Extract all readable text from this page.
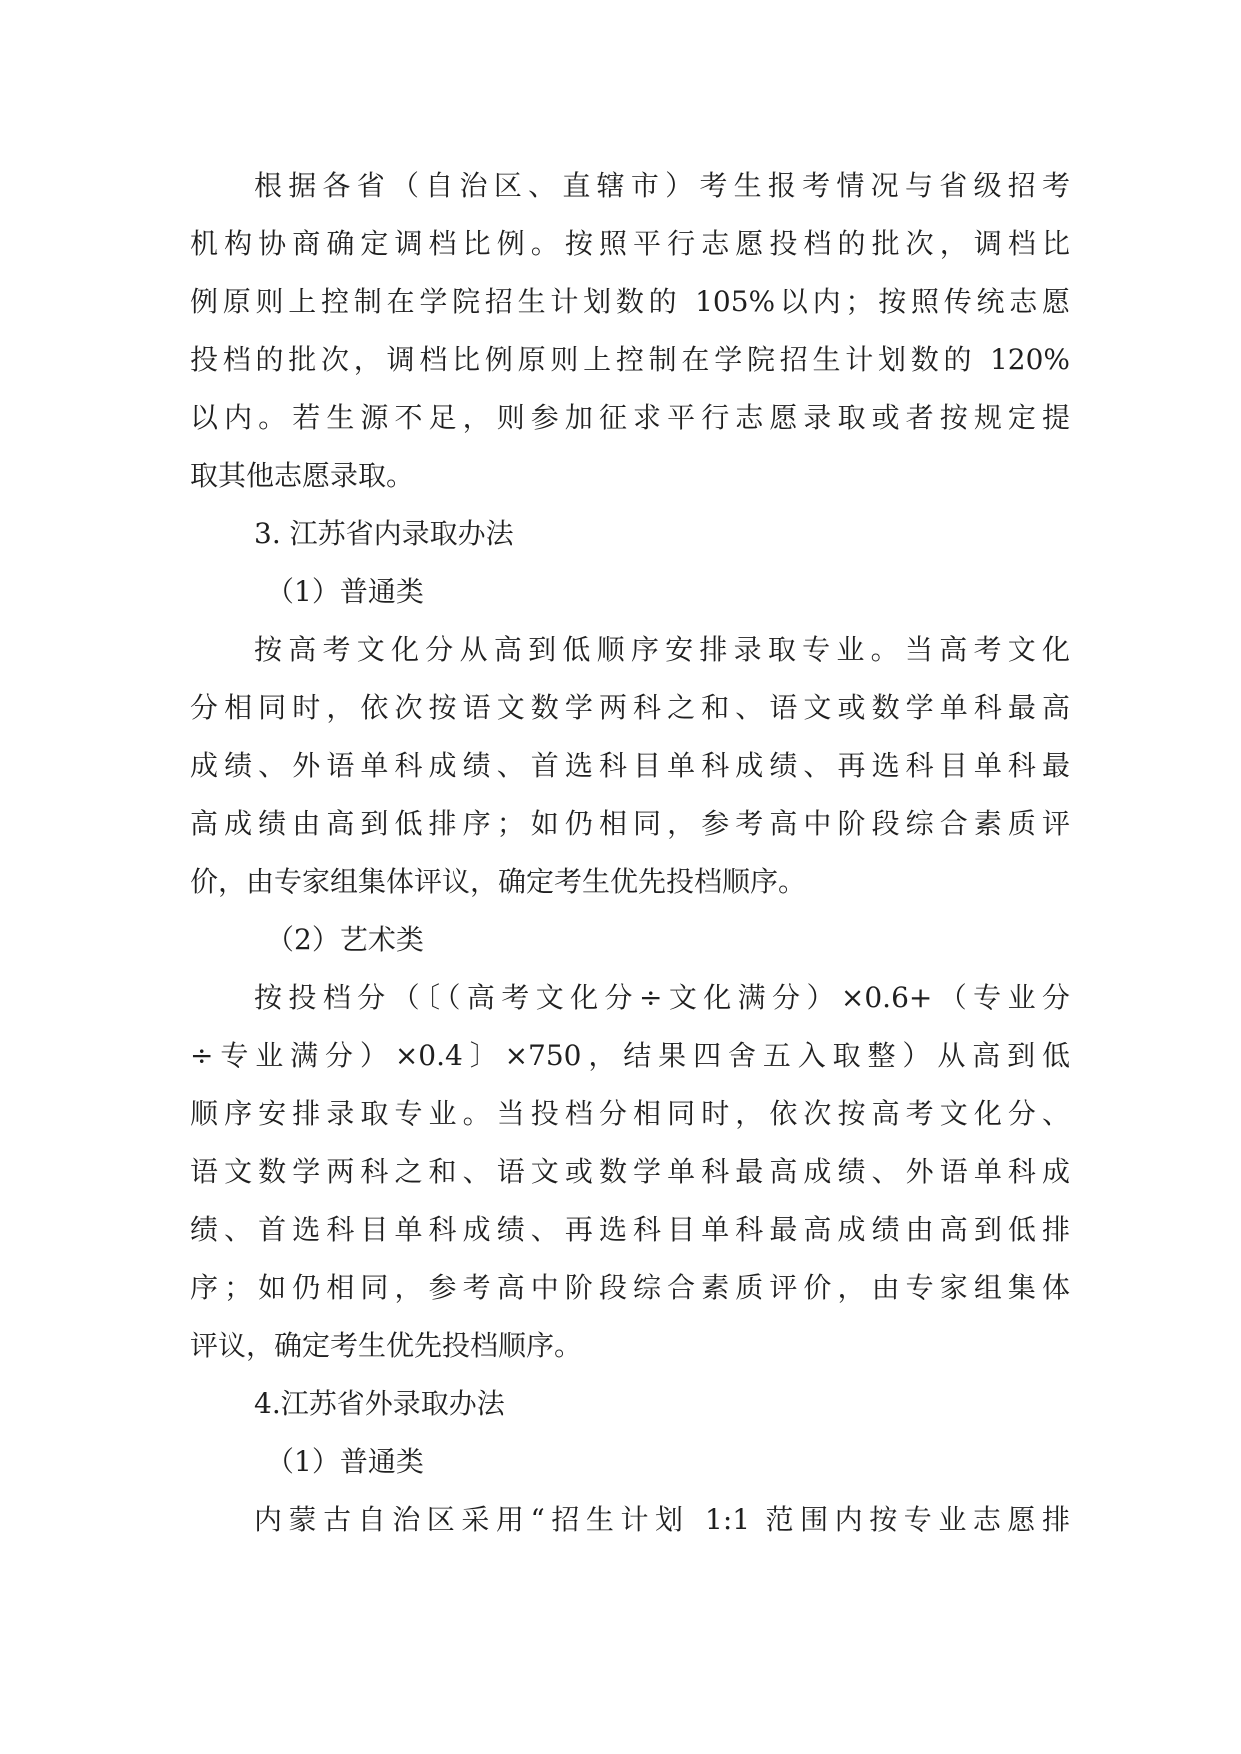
根据各省（自治区、直辖市）考生报考情况与省级招考

机构协商确定调档比例。按照平行志愿投档的批次，调档比

例原则上控制在学院招生计划数的 105%以内；按照传统志愿

投档的批次，调档比例原则上控制在学院招生计划数的 120%

以内。若生源不足，则参加征求平行志愿录取或者按规定提

取其他志愿录取。

3. 江苏省内录取办法

（1）普通类

按高考文化分从高到低顺序安排录取专业。当高考文化

分相同时，依次按语文数学两科之和、语文或数学单科最高

成绩、外语单科成绩、首选科目单科成绩、再选科目单科最

高成绩由高到低排序；如仍相同，参考高中阶段综合素质评

价，由专家组集体评议，确定考生优先投档顺序。

（2）艺术类

按投档分（〔（高考文化分÷文化满分）×0.6+（专业分

÷专业满分）×0.4〕×750，结果四舍五入取整）从高到低

顺序安排录取专业。当投档分相同时，依次按高考文化分、

语文数学两科之和、语文或数学单科最高成绩、外语单科成

绩、首选科目单科成绩、再选科目单科最高成绩由高到低排

序；如仍相同，参考高中阶段综合素质评价，由专家组集体

评议，确定考生优先投档顺序。

4.江苏省外录取办法

（1）普通类

内蒙古自治区采用“招生计划 1:1 范围内按专业志愿排
